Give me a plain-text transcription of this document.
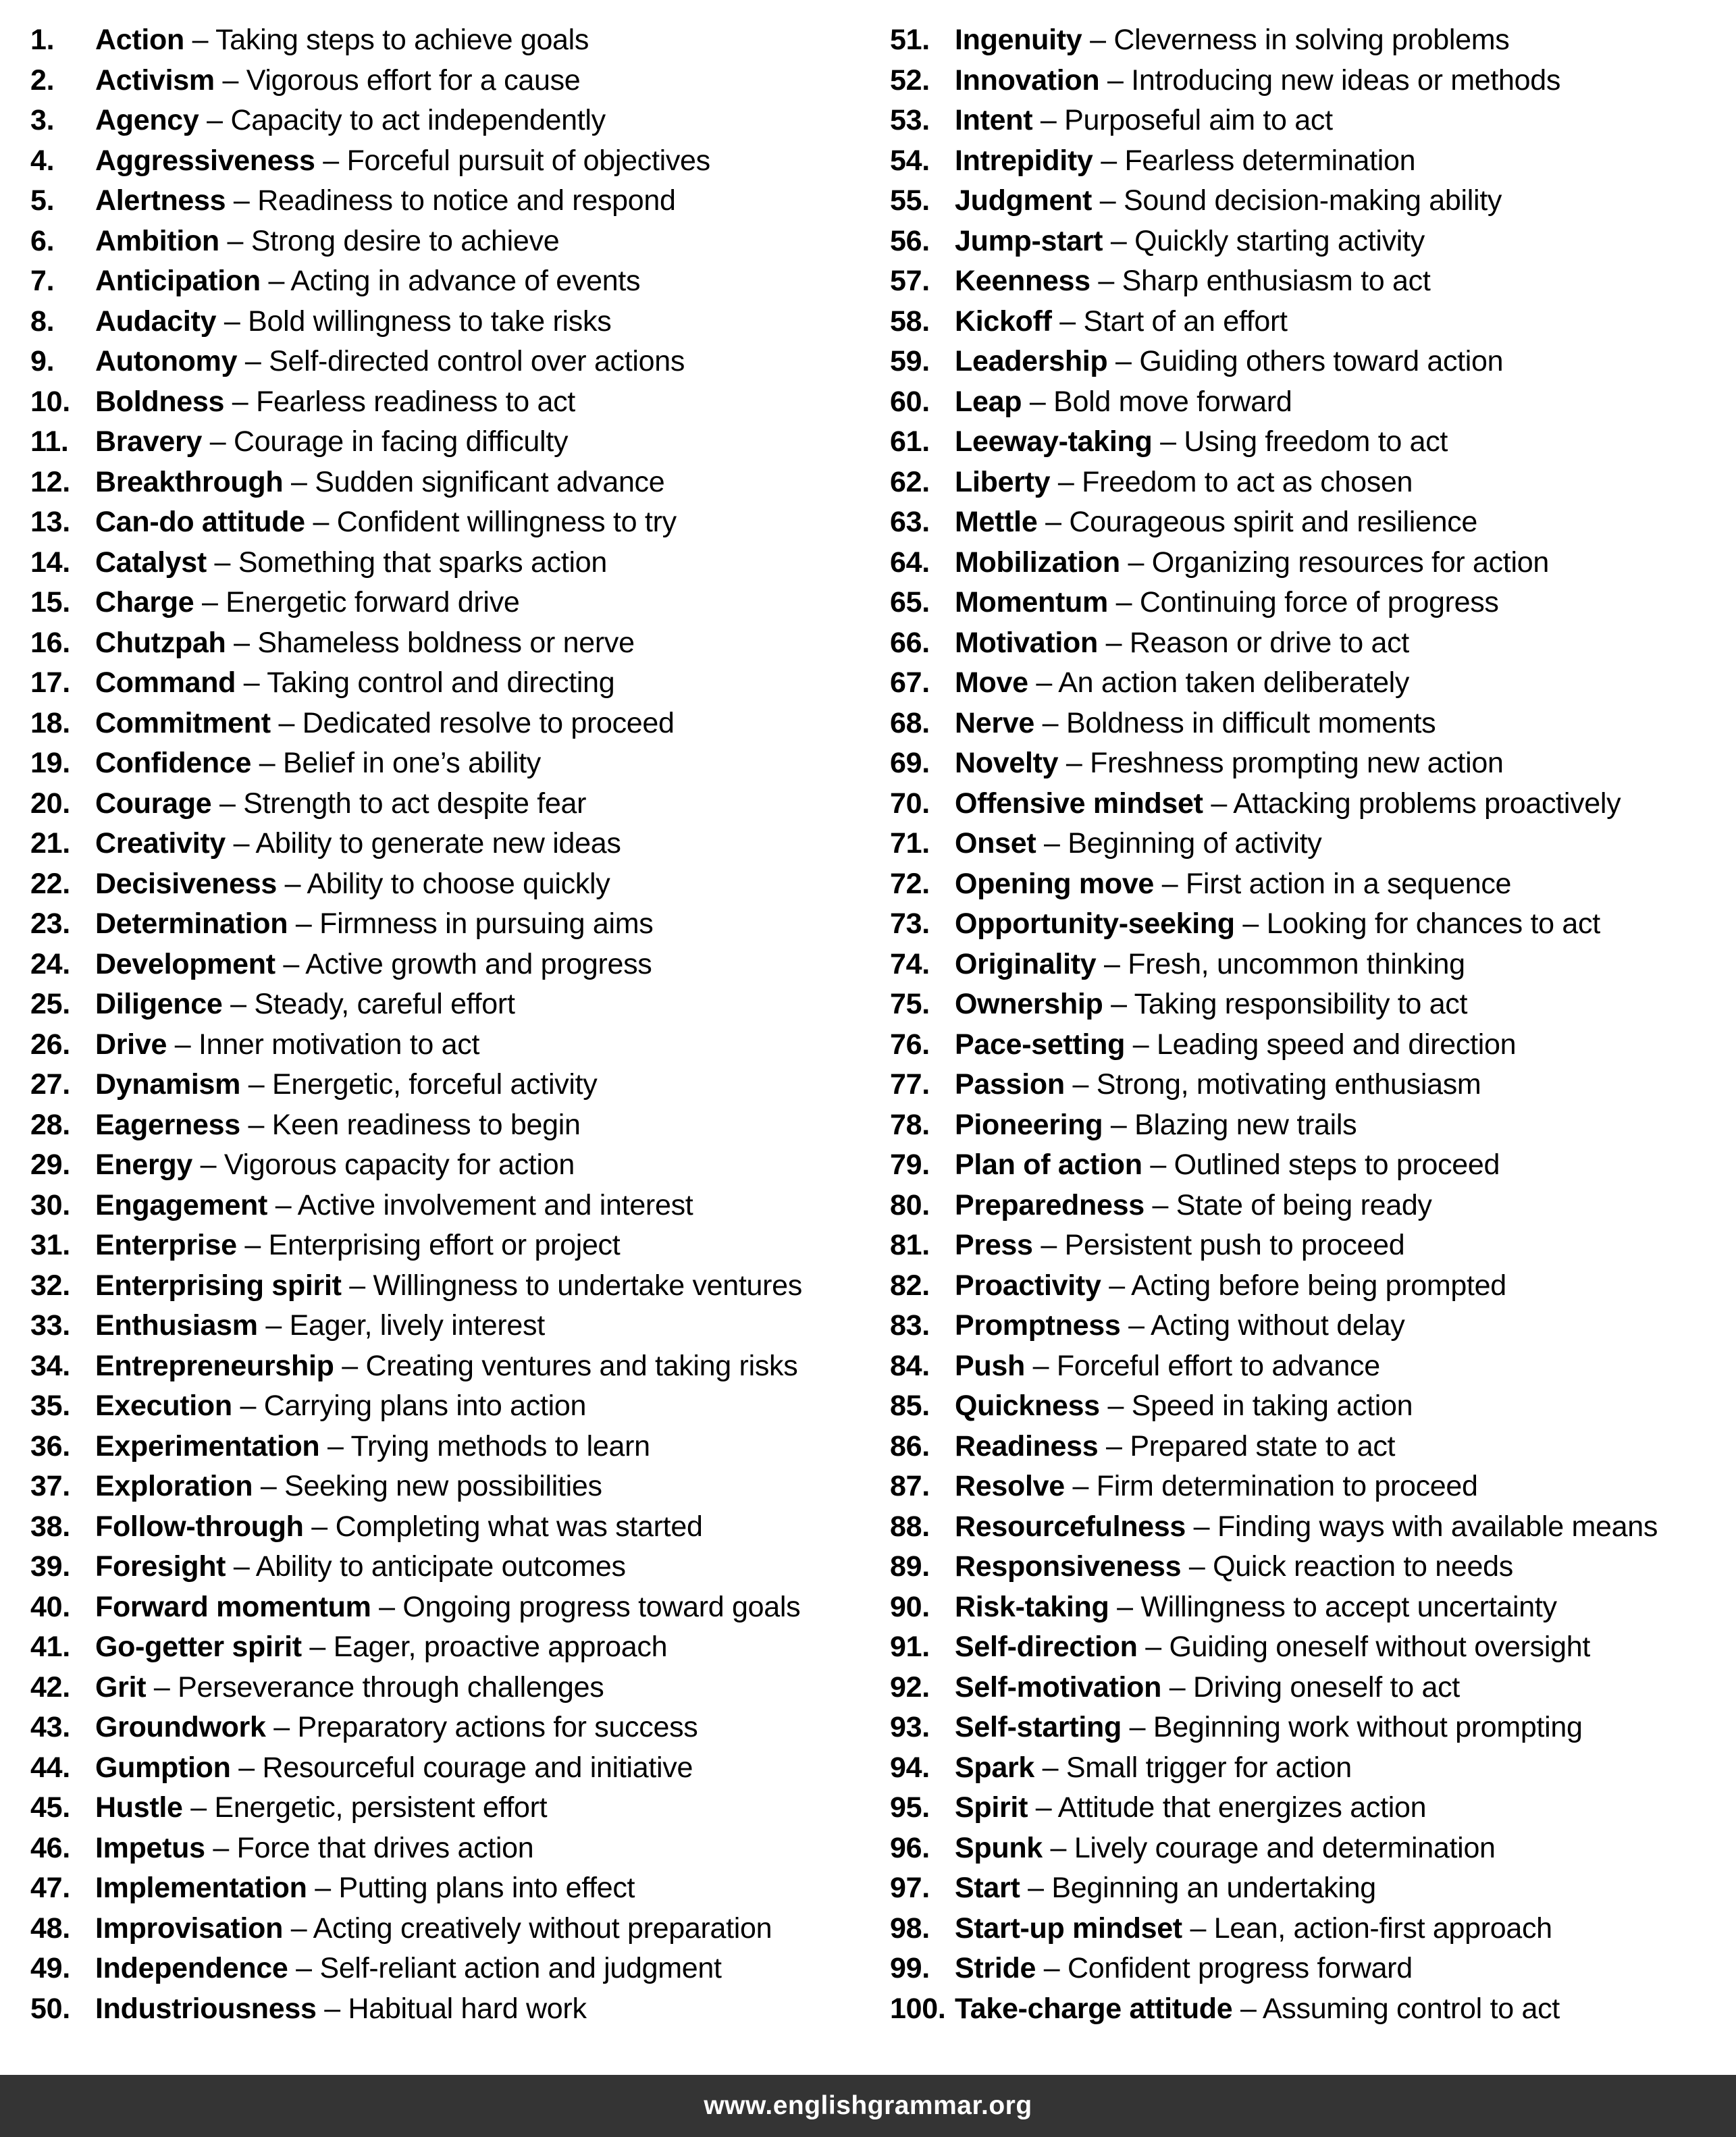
1. Action – Taking steps to achieve goals
2. Activism – Vigorous effort for a cause
3. Agency – Capacity to act independently
4. Aggressiveness – Forceful pursuit of objectives
5. Alertness – Readiness to notice and respond
6. Ambition – Strong desire to achieve
7. Anticipation – Acting in advance of events
8. Audacity – Bold willingness to take risks
9. Autonomy – Self-directed control over actions
10. Boldness – Fearless readiness to act
11. Bravery – Courage in facing difficulty
12. Breakthrough – Sudden significant advance
13. Can-do attitude – Confident willingness to try
14. Catalyst – Something that sparks action
15. Charge – Energetic forward drive
16. Chutzpah – Shameless boldness or nerve
17. Command – Taking control and directing
18. Commitment – Dedicated resolve to proceed
19. Confidence – Belief in one’s ability
20. Courage – Strength to act despite fear
21. Creativity – Ability to generate new ideas
22. Decisiveness – Ability to choose quickly
23. Determination – Firmness in pursuing aims
24. Development – Active growth and progress
25. Diligence – Steady, careful effort
26. Drive – Inner motivation to act
27. Dynamism – Energetic, forceful activity
28. Eagerness – Keen readiness to begin
29. Energy – Vigorous capacity for action
30. Engagement – Active involvement and interest
31. Enterprise – Enterprising effort or project
32. Enterprising spirit – Willingness to undertake ventures
33. Enthusiasm – Eager, lively interest
34. Entrepreneurship – Creating ventures and taking risks
35. Execution – Carrying plans into action
36. Experimentation – Trying methods to learn
37. Exploration – Seeking new possibilities
38. Follow-through – Completing what was started
39. Foresight – Ability to anticipate outcomes
40. Forward momentum – Ongoing progress toward goals
41. Go-getter spirit – Eager, proactive approach
42. Grit – Perseverance through challenges
43. Groundwork – Preparatory actions for success
44. Gumption – Resourceful courage and initiative
45. Hustle – Energetic, persistent effort
46. Impetus – Force that drives action
47. Implementation – Putting plans into effect
48. Improvisation – Acting creatively without preparation
49. Independence – Self-reliant action and judgment
50. Industriousness – Habitual hard work
51. Ingenuity – Cleverness in solving problems
52. Innovation – Introducing new ideas or methods
53. Intent – Purposeful aim to act
54. Intrepidity – Fearless determination
55. Judgment – Sound decision-making ability
56. Jump-start – Quickly starting activity
57. Keenness – Sharp enthusiasm to act
58. Kickoff – Start of an effort
59. Leadership – Guiding others toward action
60. Leap – Bold move forward
61. Leeway-taking – Using freedom to act
62. Liberty – Freedom to act as chosen
63. Mettle – Courageous spirit and resilience
64. Mobilization – Organizing resources for action
65. Momentum – Continuing force of progress
66. Motivation – Reason or drive to act
67. Move – An action taken deliberately
68. Nerve – Boldness in difficult moments
69. Novelty – Freshness prompting new action
70. Offensive mindset – Attacking problems proactively
71. Onset – Beginning of activity
72. Opening move – First action in a sequence
73. Opportunity-seeking – Looking for chances to act
74. Originality – Fresh, uncommon thinking
75. Ownership – Taking responsibility to act
76. Pace-setting – Leading speed and direction
77. Passion – Strong, motivating enthusiasm
78. Pioneering – Blazing new trails
79. Plan of action – Outlined steps to proceed
80. Preparedness – State of being ready
81. Press – Persistent push to proceed
82. Proactivity – Acting before being prompted
83. Promptness – Acting without delay
84. Push – Forceful effort to advance
85. Quickness – Speed in taking action
86. Readiness – Prepared state to act
87. Resolve – Firm determination to proceed
88. Resourcefulness – Finding ways with available means
89. Responsiveness – Quick reaction to needs
90. Risk-taking – Willingness to accept uncertainty
91. Self-direction – Guiding oneself without oversight
92. Self-motivation – Driving oneself to act
93. Self-starting – Beginning work without prompting
94. Spark – Small trigger for action
95. Spirit – Attitude that energizes action
96. Spunk – Lively courage and determination
97. Start – Beginning an undertaking
98. Start-up mindset – Lean, action-first approach
99. Stride – Confident progress forward
100. Take-charge attitude – Assuming control to act
www.englishgrammar.org
